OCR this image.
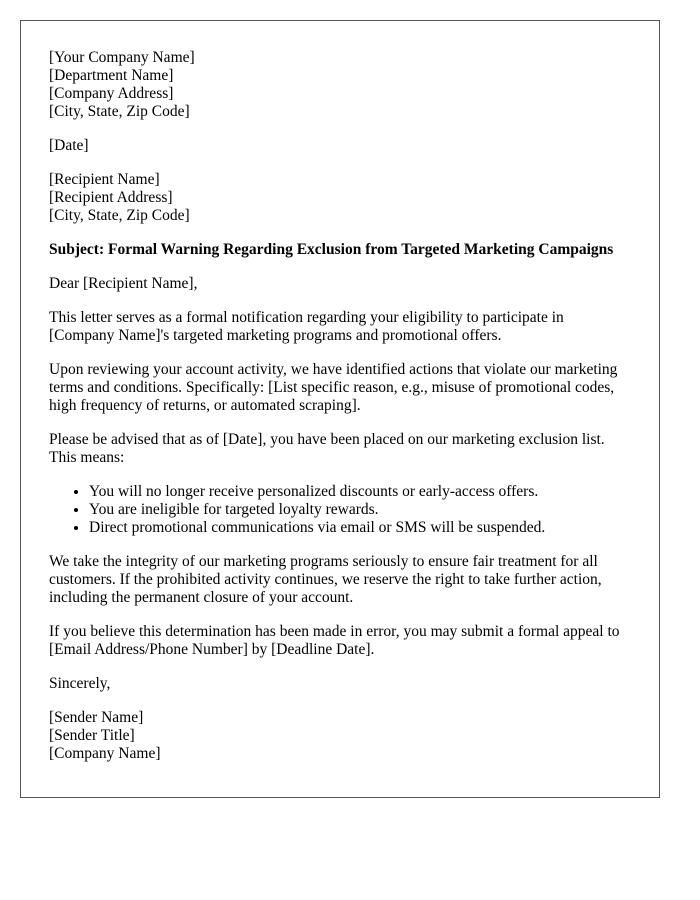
[Your Company Name]
[Department Name]
[Company Address]
[City, State, Zip Code]
[Date]
[Recipient Name]
[Recipient Address]
[City, State, Zip Code]

Subject: Formal Warning Regarding Exclusion from Targeted Marketing Campaigns

Dear [Recipient Name],

This letter serves as a formal notification regarding your eligibility to participate in [Company Name]'s targeted marketing programs and promotional offers.

Upon reviewing your account activity, we have identified actions that violate our marketing terms and conditions. Specifically: [List specific reason, e.g., misuse of promotional codes, high frequency of returns, or automated scraping].

Please be advised that as of [Date], you have been placed on our marketing exclusion list. This means:

• You will no longer receive personalized discounts or early-access offers.
• You are ineligible for targeted loyalty rewards.
• Direct promotional communications via email or SMS will be suspended.

We take the integrity of our marketing programs seriously to ensure fair treatment for all customers. If the prohibited activity continues, we reserve the right to take further action, including the permanent closure of your account.

If you believe this determination has been made in error, you may submit a formal appeal to [Email Address/Phone Number] by [Deadline Date].

Sincerely,

[Sender Name]
[Sender Title]
[Company Name]
